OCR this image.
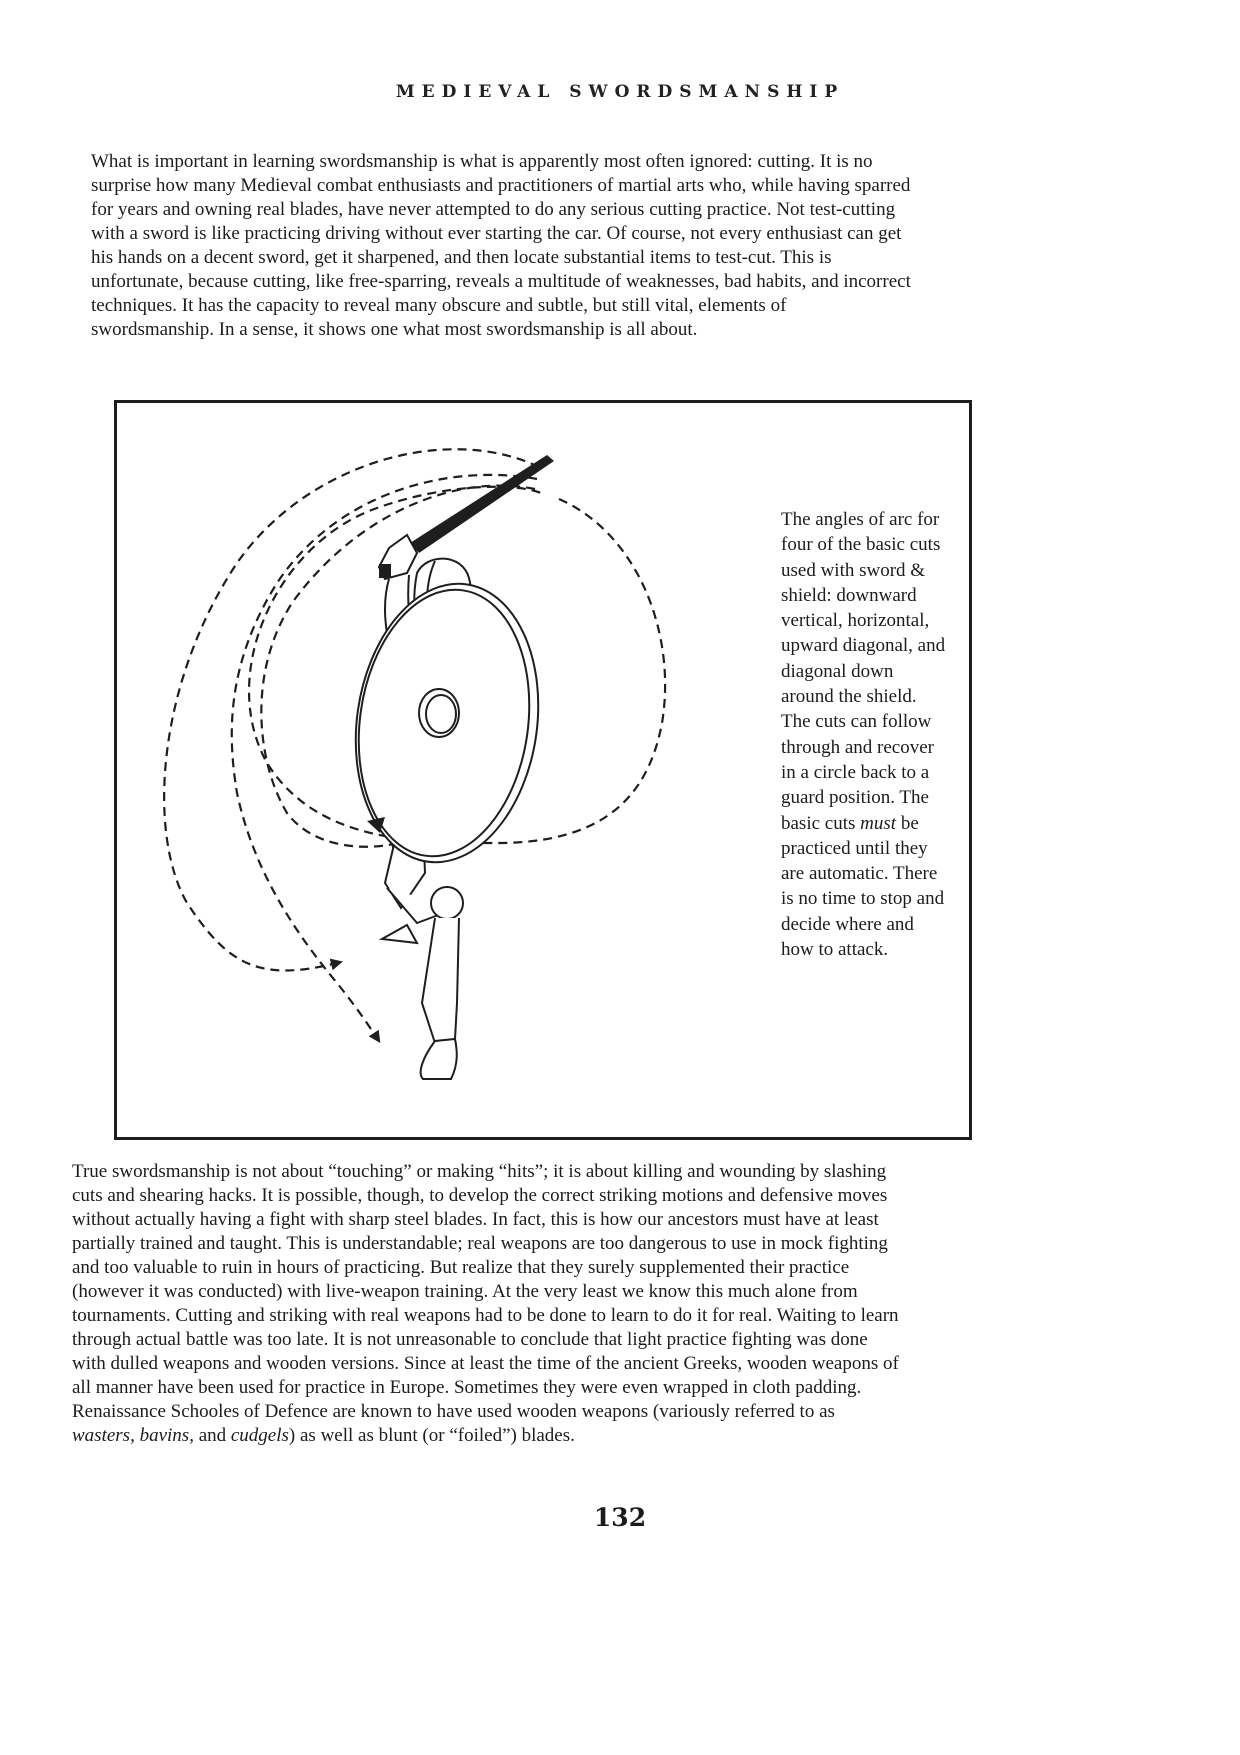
MEDIEVAL SWORDSMANSHIP

What is important in learning swordsmanship is what is apparently most often ignored: cutting. It is no
surprise how many Medieval combat enthusiasts and practitioners of martial arts who, while having sparred
for years and owning real blades, have never attempted to do any serious cutting practice. Not test-cutting
with a sword is like practicing driving without ever starting the car. Of course, not every enthusiast can get
his hands on a decent sword, get it sharpened, and then locate substantial items to test-cut. This is
unfortunate, because cutting, like free-sparring, reveals a multitude of weaknesses, bad habits, and incorrect
techniques. It has the capacity to reveal many obscure and subtle, but still vital, elements of
swordsmanship. In a sense, it shows one what most swordsmanship is all about.

The angles of arc for
four of the basic cuts
used with sword &
shield: downward
vertical, horizontal,
upward diagonal, and
diagonal down
around the shield.
The cuts can follow
through and recover
in a circle back to a
guard position. The
basic cuts must be
practiced until they
are automatic. There
is no time to stop and
decide where and
how to attack.

True swordsmanship is not about “touching” or making “hits”; it is about killing and wounding by slashing
cuts and shearing hacks. It is possible, though, to develop the correct striking motions and defensive moves
without actually having a fight with sharp steel blades. In fact, this is how our ancestors must have at least
partially trained and taught. This is understandable; real weapons are too dangerous to use in mock fighting
and too valuable to ruin in hours of practicing. But realize that they surely supplemented their practice
(however it was conducted) with live-weapon training. At the very least we know this much alone from
tournaments. Cutting and striking with real weapons had to be done to learn to do it for real. Waiting to learn
through actual battle was too late. It is not unreasonable to conclude that light practice fighting was done
with dulled weapons and wooden versions. Since at least the time of the ancient Greeks, wooden weapons of
all manner have been used for practice in Europe. Sometimes they were even wrapped in cloth padding.
Renaissance Schooles of Defence are known to have used wooden weapons (variously referred to as
wasters, bavins, and cudgels) as well as blunt (or “foiled”) blades.

132
